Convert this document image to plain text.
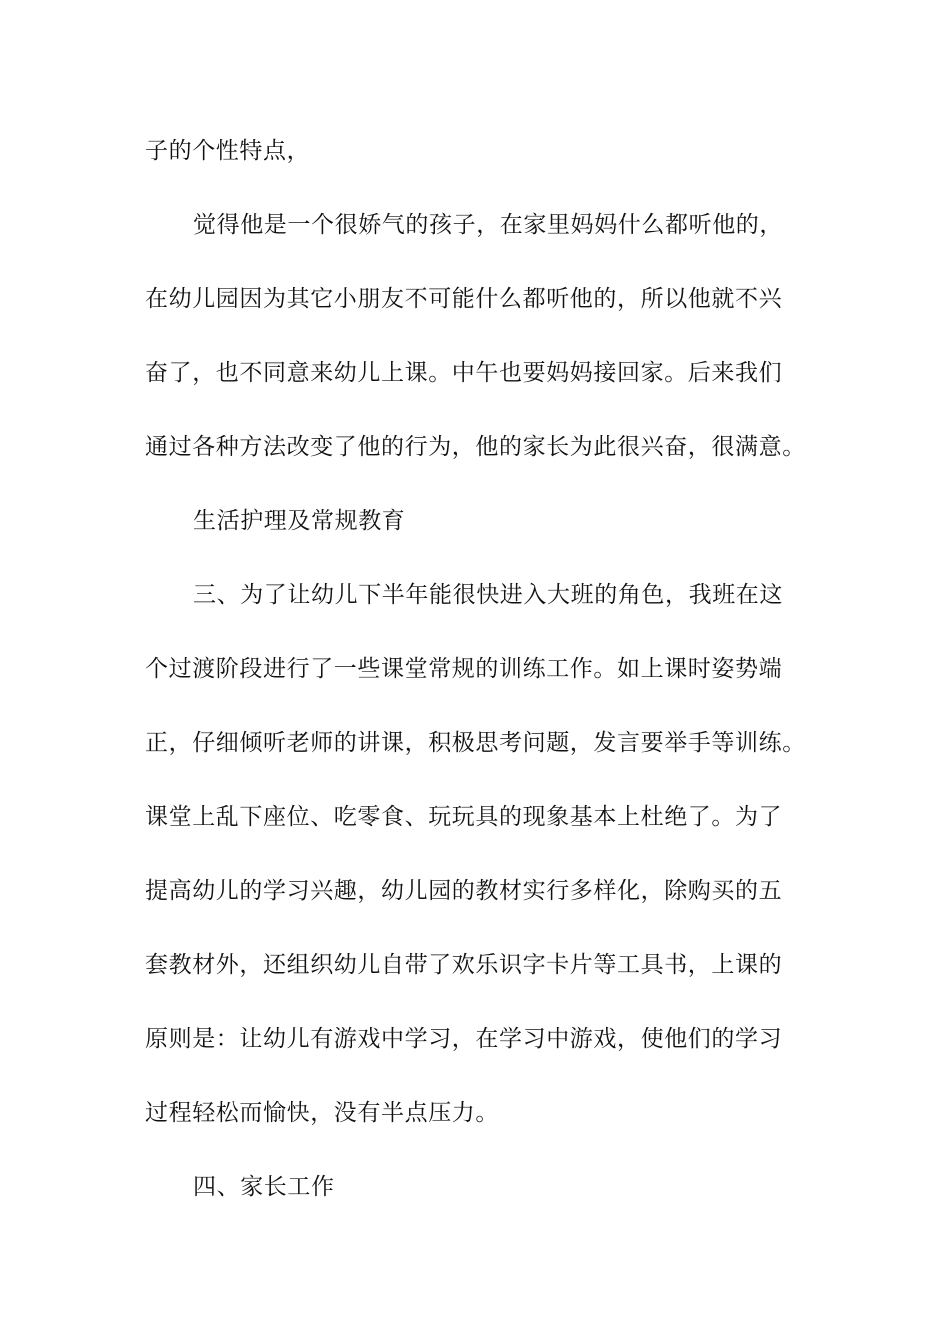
子的个性特点，
觉得他是一个很娇气的孩子，在家里妈妈什么都听他的，
在幼儿园因为其它小朋友不可能什么都听他的，所以他就不兴
奋了，也不同意来幼儿上课。中午也要妈妈接回家。后来我们
通过各种方法改变了他的行为，他的家长为此很兴奋，很满意。
生活护理及常规教育
三、为了让幼儿下半年能很快进入大班的角色，我班在这
个过渡阶段进行了一些课堂常规的训练工作。如上课时姿势端
正，仔细倾听老师的讲课，积极思考问题，发言要举手等训练。
课堂上乱下座位、吃零食、玩玩具的现象基本上杜绝了。为了
提高幼儿的学习兴趣，幼儿园的教材实行多样化，除购买的五
套教材外，还组织幼儿自带了欢乐识字卡片等工具书，上课的
原则是：让幼儿有游戏中学习，在学习中游戏，使他们的学习
过程轻松而愉快，没有半点压力。
四、家长工作
